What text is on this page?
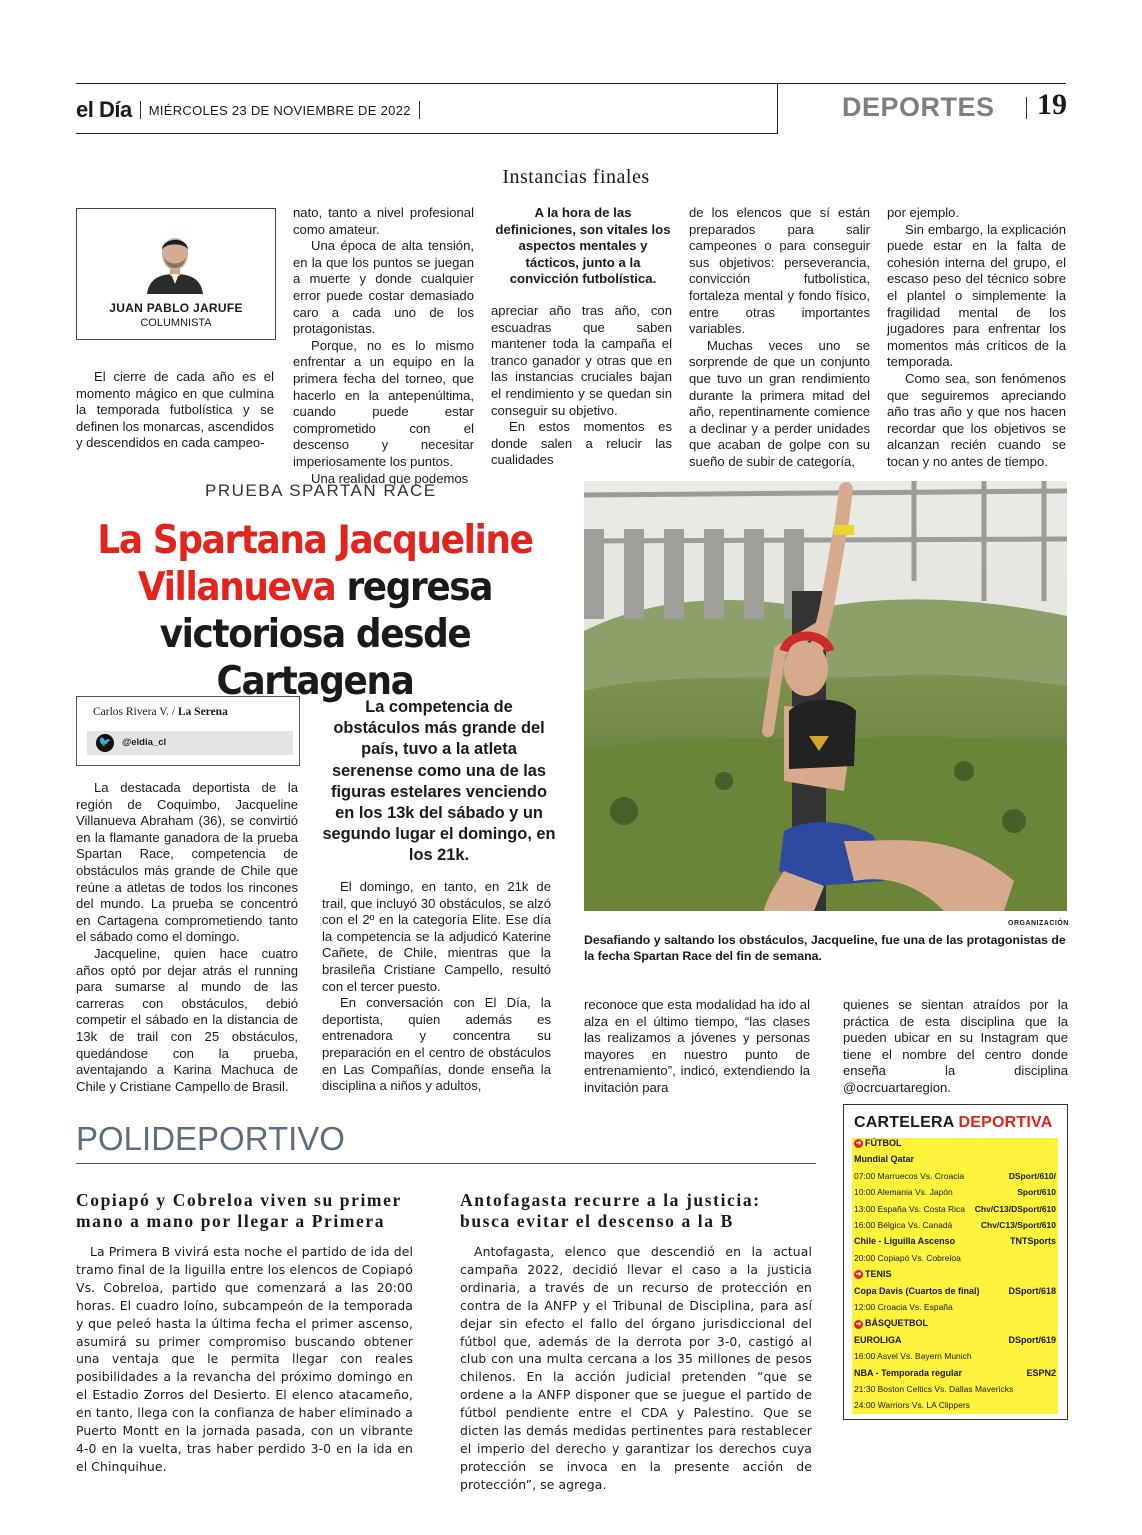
el Día MIÉRCOLES 23 DE NOVIEMBRE DE 2022	DEPORTES 19
Instancias finales
JUAN PABLO JARUFE
COLUMNISTA

El cierre de cada año es el momento mágico en que culmina la temporada futbolística y se definen los monarcas, ascendidos y descendidos en cada campeo-

nato, tanto a nivel profesional como amateur.

Una época de alta tensión, en la que los puntos se juegan a muerte y donde cualquier error puede costar demasiado caro a cada uno de los protagonistas.

Porque, no es lo mismo enfrentar a un equipo en la primera fecha del torneo, que hacerlo en la antepenúltima, cuando puede estar comprometido con el descenso y necesitar imperiosamente los puntos.

Una realidad que podemos

A la hora de las definiciones, son vitales los aspectos mentales y tácticos, junto a la convicción futbolística.

apreciar año tras año, con escuadras que saben mantener toda la campaña el tranco ganador y otras que en las instancias cruciales bajan el rendimiento y se quedan sin conseguir su objetivo.

En estos momentos es donde salen a relucir las cualidades

de los elencos que sí están preparados para salir campeones o para conseguir sus objetivos: perseverancia, convicción futbolística, fortaleza mental y fondo físico, entre otras importantes variables.

Muchas veces uno se sorprende de que un conjunto que tuvo un gran rendimiento durante la primera mitad del año, repentinamente comience a declinar y a perder unidades que acaban de golpe con su sueño de subir de categoría,

por ejemplo.

Sin embargo, la explicación puede estar en la falta de cohesión interna del grupo, el escaso peso del técnico sobre el plantel o simplemente la fragilidad mental de los jugadores para enfrentar los momentos más críticos de la temporada.

Como sea, son fenómenos que seguiremos apreciando año tras año y que nos hacen recordar que los objetivos se alcanzan recién cuando se tocan y no antes de tiempo.

PRUEBA SPARTAN RACE
La Spartana Jacqueline
Villanueva regresa
victoriosa desde Cartagena
ORGANIZACIÓN
Desafiando y saltando los obstáculos, Jacqueline, fue una de las protagonistas de la fecha Spartan Race del fin de semana.
Carlos Rivera V. / La Serena
🐦 @eldia_cl
La competencia de obstáculos más grande del país, tuvo a la atleta serenense como una de las figuras estelares venciendo en los 13k del sábado y un segundo lugar el domingo, en los 21k.

La destacada deportista de la región de Coquimbo, Jacqueline Villanueva Abraham (36), se convirtió en la flamante ganadora de la prueba Spartan Race, competencia de obstáculos más grande de Chile que reúne a atletas de todos los rincones del mundo. La prueba se concentró en Cartagena comprometiendo tanto el sábado como el domingo.

Jacqueline, quien hace cuatro años optó por dejar atrás el running para sumarse al mundo de las carreras con obstáculos, debió competir el sábado en la distancia de 13k de trail con 25 obstáculos, quedándose con la prueba, aventajando a Karina Machuca de Chile y Cristiane Campello de Brasil.

El domingo, en tanto, en 21k de trail, que incluyó 30 obstáculos, se alzó con el 2º en la categoría Elite. Ese día la competencia se la adjudicó Katerine Cañete, de Chile, mientras que la brasileña Cristiane Campello, resultó con el tercer puesto.

En conversación con El Día, la deportista, quien además es entrenadora y concentra su preparación en el centro de obstáculos en Las Compañías, donde enseña la disciplina a niños y adultos,

reconoce que esta modalidad ha ido al alza en el último tiempo, “las clases las realizamos a jóvenes y personas mayores en nuestro punto de entrenamiento”, indicó, extendiendo la invitación para

quienes se sientan atraídos por la práctica de esta disciplina que la pueden ubicar en su Instagram que tiene el nombre del centro donde enseña la disciplina @ocrcuartaregion.

POLIDEPORTIVO
Copiapó y Cobreloa viven su primer mano a mano por llegar a Primera

La Primera B vivirá esta noche el partido de ida del tramo final de la liguilla entre los elencos de Copiapó Vs. Cobreloa, partido que comenzará a las 20:00 horas. El cuadro loíno, subcampeón de la temporada y que peleó hasta la última fecha el primer ascenso, asumirá su primer compromiso buscando obtener una ventaja que le permita llegar con reales posibilidades a la revancha del próximo domingo en el Estadio Zorros del Desierto. El elenco atacameño, en tanto, llega con la confianza de haber eliminado a Puerto Montt en la jornada pasada, con un vibrante 4-0 en la vuelta, tras haber perdido 3-0 en la ida en el Chinquihue.

Antofagasta recurre a la justicia: busca evitar el descenso a la B

Antofagasta, elenco que descendió en la actual campaña 2022, decidió llevar el caso a la justicia ordinaria, a través de un recurso de protección en contra de la ANFP y el Tribunal de Disciplina, para así dejar sin efecto el fallo del órgano jurisdiccional del fútbol que, además de la derrota por 3-0, castigó al club con una multa cercana a los 35 millones de pesos chilenos. En la acción judicial pretenden “que se ordene a la ANFP disponer que se juegue el partido de fútbol pendiente entre el CDA y Palestino. Que se dicten las demás medidas pertinentes para restablecer el imperio del derecho y garantizar los derechos cuya protección se invoca en la presente acción de protección”, se agrega.

CARTELERA DEPORTIVA
➜ FÚTBOL
Mundial Qatar
07:00 Marruecos Vs. Croacia	DSport/610/
10:00 Alemania Vs. Japón	Sport/610
13:00 España Vs. Costa Rica Chv/C13/DSport/610
16:00 Bélgica Vs. Canadá	Chv/C13/Sport/610
Chile - Liguilla Ascenso	TNTSports
20:00 Copiapó Vs. Cobreloa
➜ TENIS
Copa Davis (Cuartos de final)	DSport/618
12:00 Croacia Vs. España
➜ BÁSQUETBOL
EUROLIGA	DSport/619
16:00 Asvel Vs. Bayern Munich
NBA - Temporada regular	ESPN2
21:30 Boston Celtics Vs. Dallas Mavericks
24:00 Warriors Vs. LA Clippers
